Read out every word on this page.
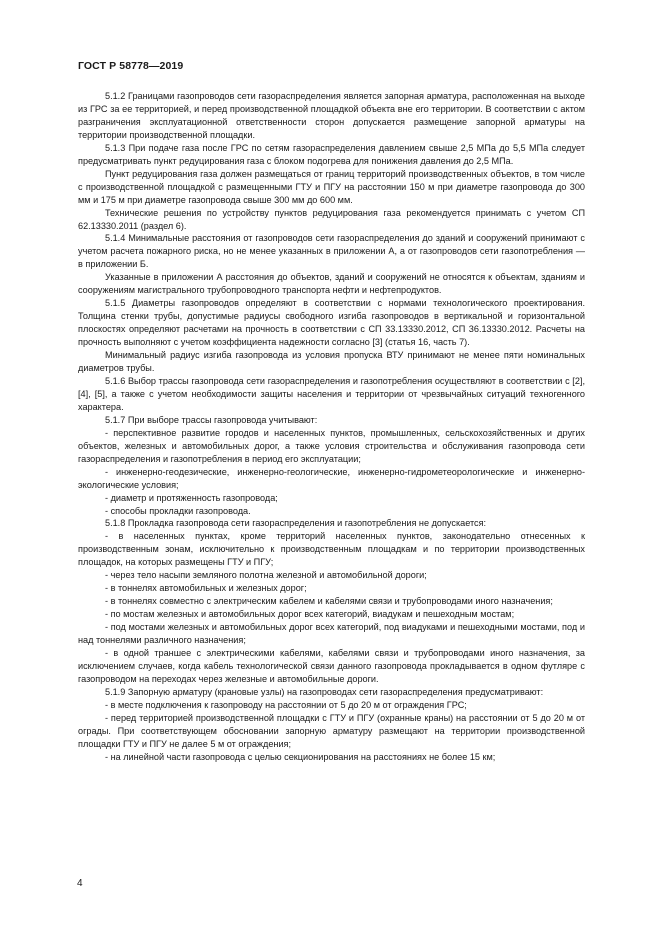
ГОСТ Р 58778—2019

5.1.2 Границами газопроводов сети газораспределения является запорная арматура, расположенная на выходе из ГРС за ее территорией, и перед производственной площадкой объекта вне его территории. В соответствии с актом разграничения эксплуатационной ответственности сторон допускается размещение запорной арматуры на территории производственной площадки.

5.1.3 При подаче газа после ГРС по сетям газораспределения давлением свыше 2,5 МПа до 5,5 МПа следует предусматривать пункт редуцирования газа с блоком подогрева для понижения давления до 2,5 МПа.

Пункт редуцирования газа должен размещаться от границ территорий производственных объектов, в том числе с производственной площадкой с размещенными ГТУ и ПГУ на расстоянии 150 м при диаметре газопровода до 300 мм и 175 м при диаметре газопровода свыше 300 мм до 600 мм.

Технические решения по устройству пунктов редуцирования газа рекомендуется принимать с учетом СП 62.13330.2011 (раздел 6).

5.1.4 Минимальные расстояния от газопроводов сети газораспределения до зданий и сооружений принимают с учетом расчета пожарного риска, но не менее указанных в приложении А, а от газопроводов сети газопотребления — в приложении Б.

Указанные в приложении А расстояния до объектов, зданий и сооружений не относятся к объектам, зданиям и сооружениям магистрального трубопроводного транспорта нефти и нефтепродуктов.

5.1.5 Диаметры газопроводов определяют в соответствии с нормами технологического проектирования. Толщина стенки трубы, допустимые радиусы свободного изгиба газопроводов в вертикальной и горизонтальной плоскостях определяют расчетами на прочность в соответствии с СП 33.13330.2012, СП 36.13330.2012. Расчеты на прочность выполняют с учетом коэффициента надежности согласно [3] (статья 16, часть 7).

Минимальный радиус изгиба газопровода из условия пропуска ВТУ принимают не менее пяти номинальных диаметров трубы.

5.1.6 Выбор трассы газопровода сети газораспределения и газопотребления осуществляют в соответствии с [2], [4], [5], а также с учетом необходимости защиты населения и территории от чрезвычайных ситуаций техногенного характера.

5.1.7 При выборе трассы газопровода учитывают:

- перспективное развитие городов и населенных пунктов, промышленных, сельскохозяйственных и других объектов, железных и автомобильных дорог, а также условия строительства и обслуживания газопровода сети газораспределения и газопотребления в период его эксплуатации;

- инженерно-геодезические, инженерно-геологические, инженерно-гидрометеорологические и инженерно-экологические условия;

- диаметр и протяженность газопровода;

- способы прокладки газопровода.

5.1.8 Прокладка газопровода сети газораспределения и газопотребления не допускается:

- в населенных пунктах, кроме территорий населенных пунктов, законодательно отнесенных к производственным зонам, исключительно к производственным площадкам и по территории производственных площадок, на которых размещены ГТУ и ПГУ;

- через тело насыпи земляного полотна железной и автомобильной дороги;

- в тоннелях автомобильных и железных дорог;

- в тоннелях совместно с электрическим кабелем и кабелями связи и трубопроводами иного назначения;

- по мостам железных и автомобильных дорог всех категорий, виадукам и пешеходным мостам;

- под мостами железных и автомобильных дорог всех категорий, под виадуками и пешеходными мостами, под и над тоннелями различного назначения;

- в одной траншее с электрическими кабелями, кабелями связи и трубопроводами иного назначения, за исключением случаев, когда кабель технологической связи данного газопровода прокладывается в одном футляре с газопроводом на переходах через железные и автомобильные дороги.

5.1.9 Запорную арматуру (крановые узлы) на газопроводах сети газораспределения предусматривают:

- в месте подключения к газопроводу на расстоянии от 5 до 20 м от ограждения ГРС;

- перед территорией производственной площадки с ГТУ и ПГУ (охранные краны) на расстоянии от 5 до 20 м от ограды. При соответствующем обосновании запорную арматуру размещают на территории производственной площадки ГТУ и ПГУ не далее 5 м от ограждения;

- на линейной части газопровода с целью секционирования на расстояниях не более 15 км;

4
